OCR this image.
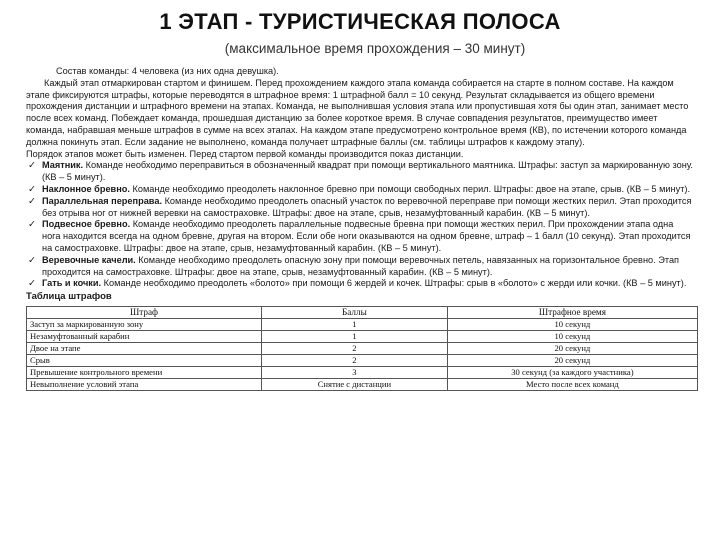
1 ЭТАП - ТУРИСТИЧЕСКАЯ ПОЛОСА
(максимальное время прохождения – 30 минут)

Состав команды: 4 человека (из них одна девушка).

Каждый этап отмаркирован стартом и финишем. Перед прохождением каждого этапа команда собирается на старте в полном составе. На каждом этапе фиксируются штрафы, которые переводятся в штрафное время: 1 штрафной балл = 10 секунд. Результат складывается из общего времени прохождения дистанции и штрафного времени на этапах. Команда, не выполнившая условия этапа или пропустившая хотя бы один этап, занимает место после всех команд. Побеждает команда, прошедшая дистанцию за более короткое время. В случае совпадения результатов, преимущество имеет команда, набравшая меньше штрафов в сумме на всех этапах. На каждом этапе предусмотрено контрольное время (КВ), по истечении которого команда должна покинуть этап. Если задание не выполнено, команда получает штрафные баллы (см. таблицы штрафов к каждому этапу).

Порядок этапов может быть изменен. Перед стартом первой команды производится показ дистанции.

✓ Маятник. Команде необходимо переправиться в обозначенный квадрат при помощи вертикального маятника. Штрафы: заступ за маркированную зону. (КВ – 5 минут).
✓ Наклонное бревно. Команде необходимо преодолеть наклонное бревно при помощи свободных перил. Штрафы: двое на этапе, срыв. (КВ – 5 минут).
✓ Параллельная переправа. Команде необходимо преодолеть опасный участок по веревочной переправе при помощи жестких перил. Этап проходится без отрыва ног от нижней веревки на самостраховке. Штрафы: двое на этапе, срыв, незамуфтованный карабин. (КВ – 5 минут).
✓ Подвесное бревно. Команде необходимо преодолеть параллельные подвесные бревна при помощи жестких перил. При прохождении этапа одна нога находится всегда на одном бревне, другая на втором. Если обе ноги оказываются на одном бревне, штраф – 1 балл (10 секунд). Этап проходится на самостраховке. Штрафы: двое на этапе, срыв, незамуфтованный карабин. (КВ – 5 минут).
✓ Веревочные качели. Команде необходимо преодолеть опасную зону при помощи веревочных петель, навязанных на горизонтальное бревно. Этап проходится на самостраховке. Штрафы: двое на этапе, срыв, незамуфтованный карабин. (КВ – 5 минут).
✓ Гать и кочки. Команде необходимо преодолеть «болото» при помощи 6 жердей и кочек. Штрафы: срыв в «болото» с жерди или кочки. (КВ – 5 минут).
Таблица штрафов
Штраф	Баллы	Штрафное время
Заступ за маркированную зону	1	10 секунд
Незамуфтованный карабин	1	10 секунд
Двое на этапе	2	20 секунд
Срыв	2	20 секунд
Превышение контрольного времени	3	30 секунд (за каждого участника)
Невыполнение условий этапа	Снятие с дистанции	Место после всех команд
